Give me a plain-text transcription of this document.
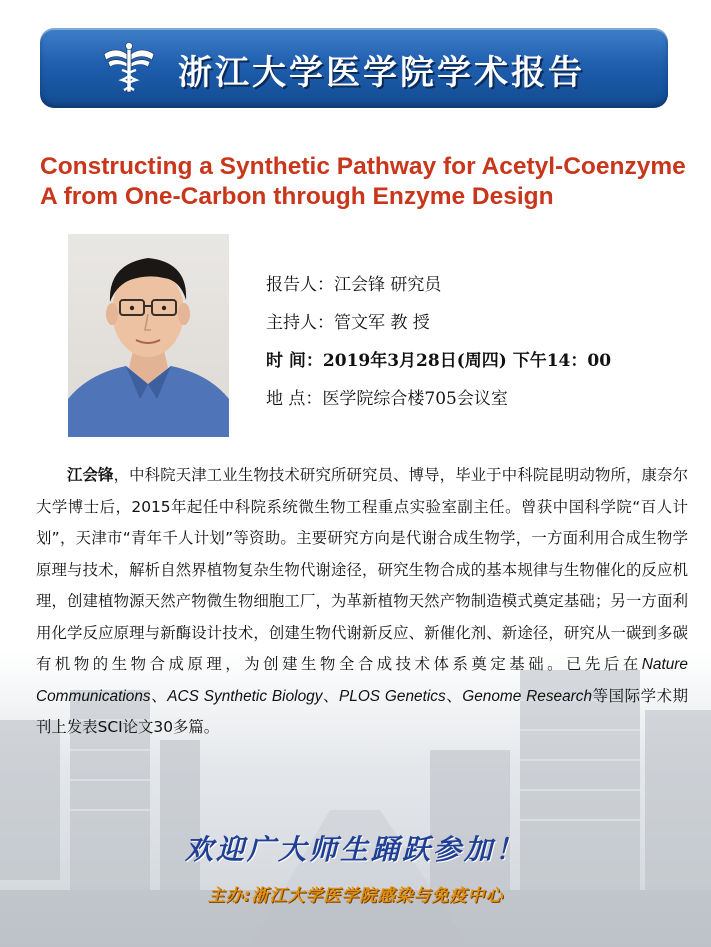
浙江大学医学院学术报告
Constructing a Synthetic Pathway for Acetyl-Coenzyme A from One-Carbon through Enzyme Design
报告人：江会锋 研究员
主持人：管文军 教 授
时 间：2019年3月28日(周四) 下午14：00
地 点：医学院综合楼705会议室

江会锋，中科院天津工业生物技术研究所研究员、博导，毕业于中科院昆明动物所，康奈尔大学博士后，2015年起任中科院系统微生物工程重点实验室副主任。曾获中国科学院“百人计划”，天津市“青年千人计划”等资助。主要研究方向是代谢合成生物学，一方面利用合成生物学原理与技术，解析自然界植物复杂生物代谢途径，研究生物合成的基本规律与生物催化的反应机理，创建植物源天然产物微生物细胞工厂，为革新植物天然产物制造模式奠定基础；另一方面利用化学反应原理与新酶设计技术，创建生物代谢新反应、新催化剂、新途径，研究从一碳到多碳有机物的生物合成原理，为创建生物全合成技术体系奠定基础。已先后在Nature Communications、ACS Synthetic Biology、PLOS Genetics、Genome Research等国际学术期刊上发表SCI论文30多篇。

欢迎广大师生踊跃参加！
主办:浙江大学医学院感染与免疫中心
